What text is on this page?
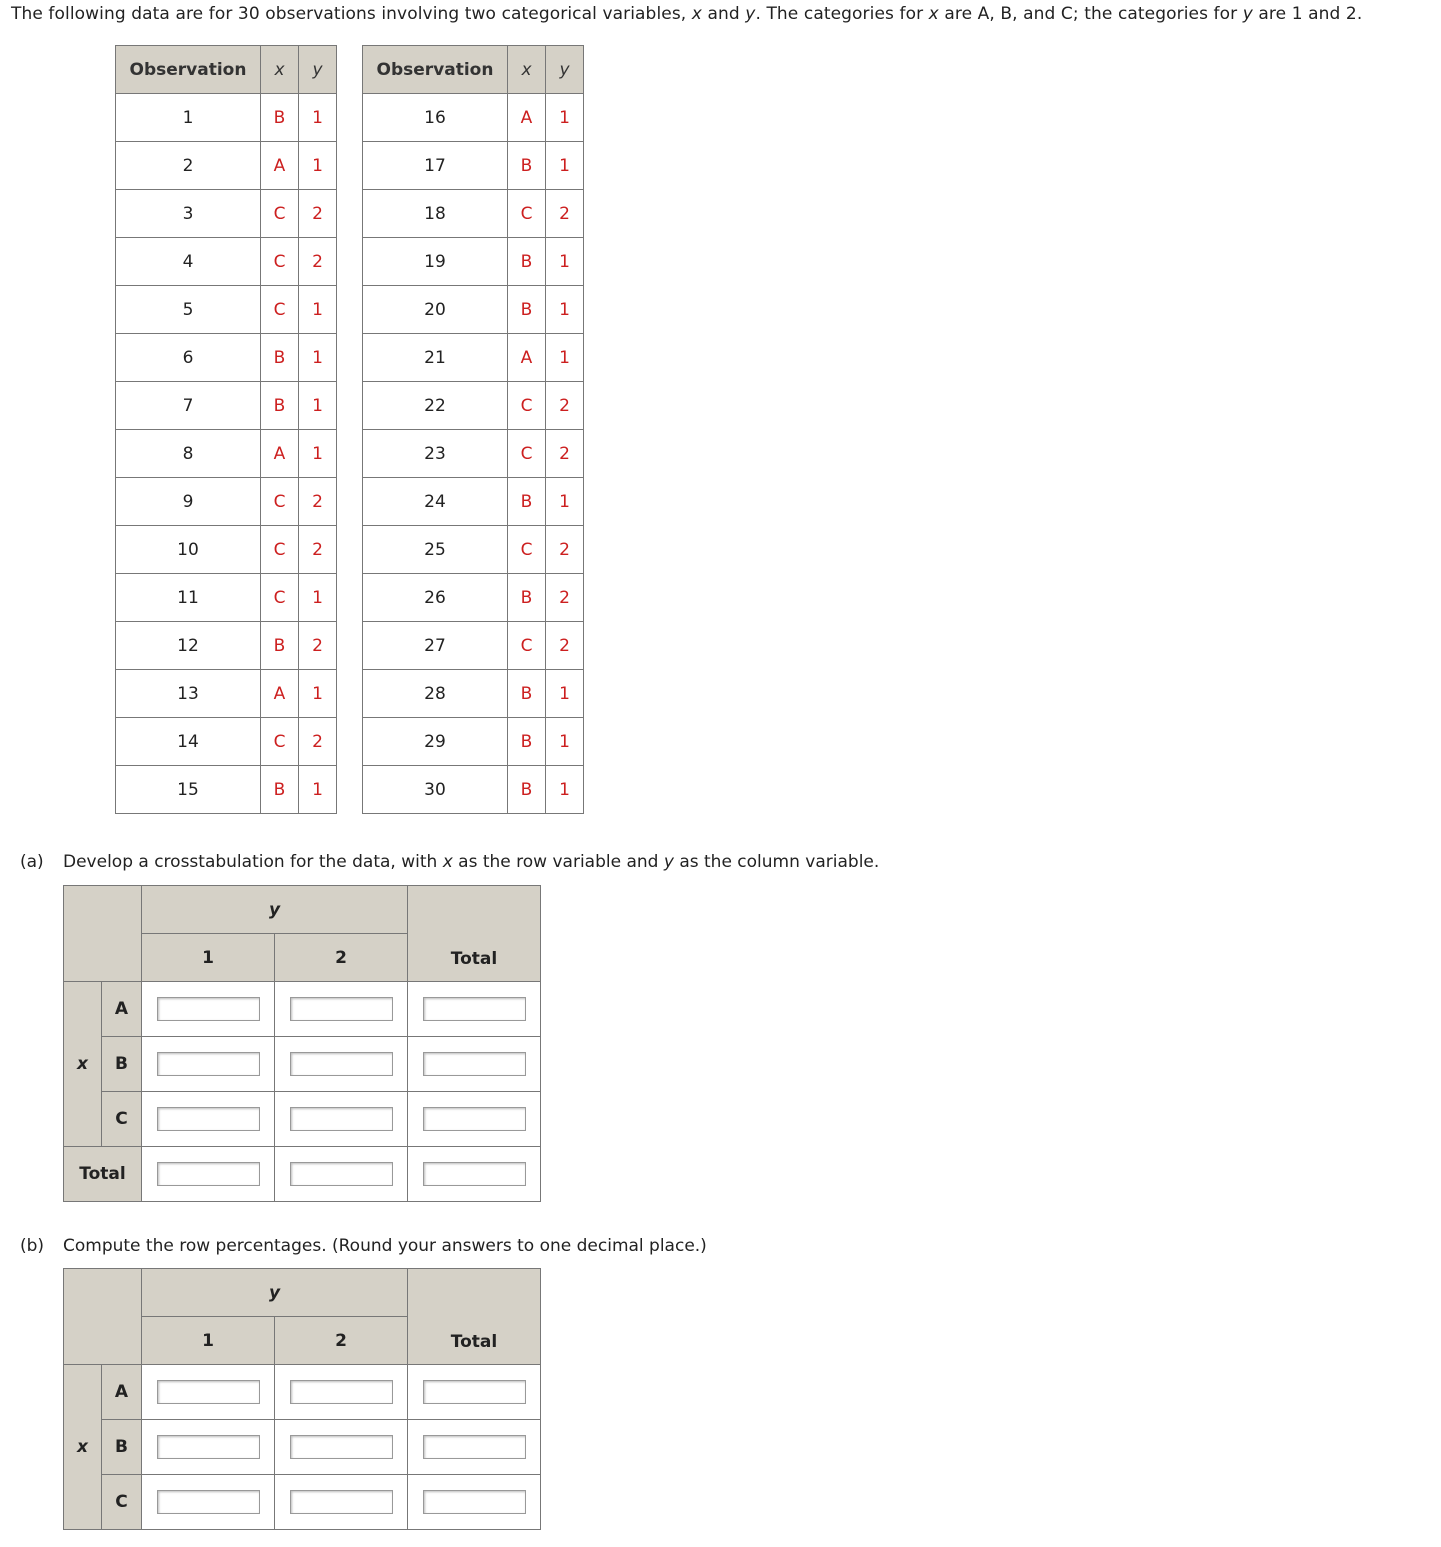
The following data are for 30 observations involving two categorical variables, x and y. The categories for x are A, B, and C; the categories for y are 1 and 2.
Observation	x	y
1	B	1
2	A	1
3	C	2
4	C	2
5	C	1
6	B	1
7	B	1
8	A	1
9	C	2
10	C	2
11	C	1
12	B	2
13	A	1
14	C	2
15	B	1
Observation	x	y
16	A	1
17	B	1
18	C	2
19	B	1
20	B	1
21	A	1
22	C	2
23	C	2
24	B	1
25	C	2
26	B	2
27	C	2
28	B	1
29	B	1
30	B	1
(a) Develop a crosstabulation for the data, with x as the row variable and y as the column variable.
		y		Total
		1	2	
x	A	

	B	

	C	

Total	

(b) Compute the row percentages. (Round your answers to one decimal place.)
		y		Total
		1	2	
x	A	

	B	

	C	
